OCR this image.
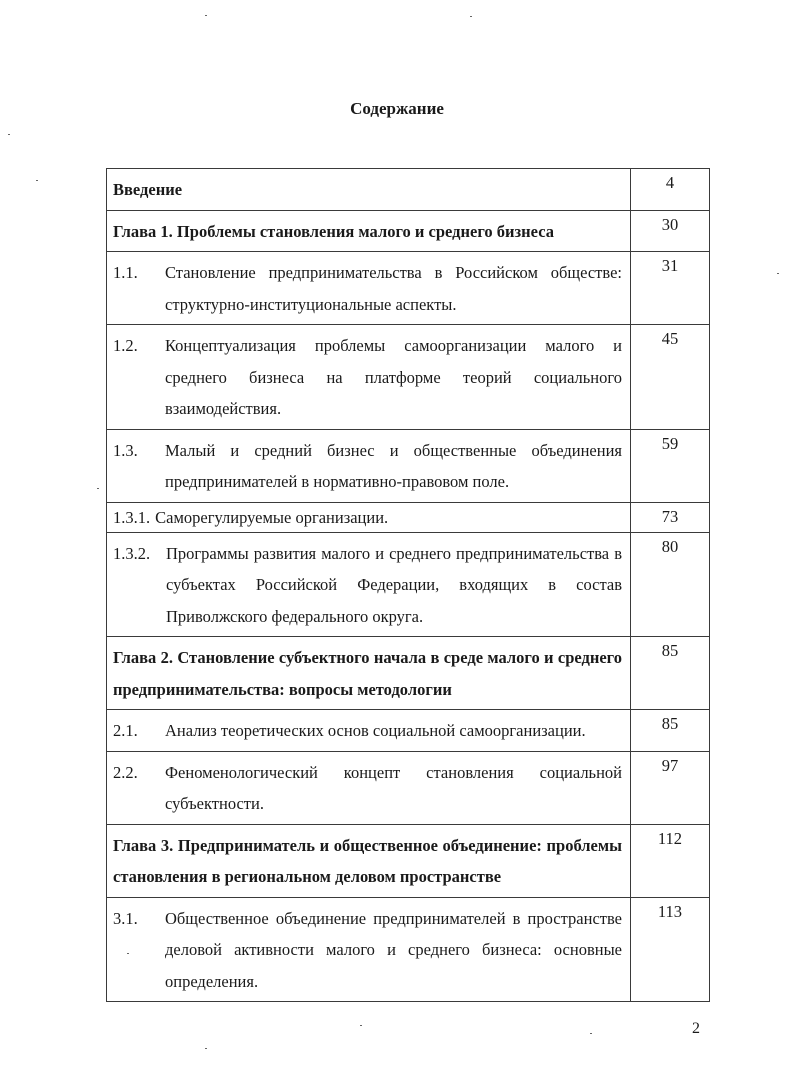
Содержание
Введение	4
Глава 1. Проблемы становления малого и среднего бизнеса	30

1.1. Становление предпринимательства в Российском обществе: структурно-институциональные аспекты.	31

1.2. Концептуализация проблемы самоорганизации малого и среднего бизнеса на платформе теорий социального взаимодействия.	45

1.3. Малый и средний бизнес и общественные объединения предпринимателей в нормативно-правовом поле.	59

1.3.1. Саморегулируемые организации.	73

1.3.2. Программы развития малого и среднего предпринимательства в субъектах Российской Федерации, входящих в состав Приволжского федерального округа.	80
Глава 2. Становление субъектного начала в среде малого и среднего предпринимательства: вопросы методологии	85

2.1. Анализ теоретических основ социальной самоорганизации.	85

2.2. Феноменологический концепт становления социальной субъектности.	97
Глава 3. Предприниматель и общественное объединение: проблемы становления в региональном деловом пространстве	112

3.1. Общественное объединение предпринимателей в пространстве деловой активности малого и среднего бизнеса: основные определения.	113
2
